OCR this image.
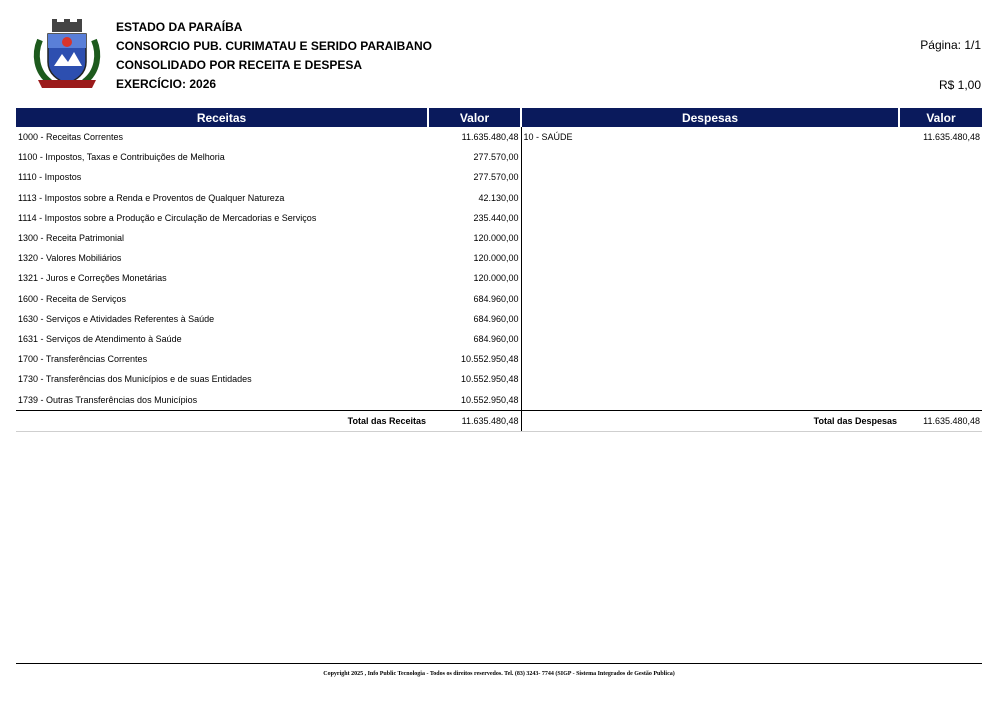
ESTADO DA PARAÍBA
CONSORCIO PUB. CURIMATAU E SERIDO PARAIBANO
CONSOLIDADO POR RECEITA E DESPESA
EXERCÍCIO: 2026
Página: 1/1
R$ 1,00
Receitas	Valor	Despesas	Valor
1000 - Receitas Correntes	11.635.480,48	10 - SAÚDE	11.635.480,48
1100 - Impostos, Taxas e Contribuições de Melhoria	277.570,00		
1110 - Impostos	277.570,00		
1113 - Impostos sobre a Renda e Proventos de Qualquer Natureza	42.130,00		
1114 - Impostos sobre a Produção e Circulação de Mercadorias e Serviços	235.440,00		
1300 - Receita Patrimonial	120.000,00		
1320 - Valores Mobiliários	120.000,00		
1321 - Juros e Correções Monetárias	120.000,00		
1600 - Receita de Serviços	684.960,00		
1630 - Serviços e Atividades Referentes à Saúde	684.960,00		
1631 - Serviços de Atendimento à Saúde	684.960,00		
1700 - Transferências Correntes	10.552.950,48		
1730 - Transferências dos Municípios e de suas Entidades	10.552.950,48		
1739 - Outras Transferências dos Municípios	10.552.950,48		
Total das Receitas	11.635.480,48	Total das Despesas	11.635.480,48
Copyright 2025 , Info Public Tecnologia - Todos os direitos reservedos. Tel. (83) 3243- 7744 (SIGP - Sistema Integrados de Gestão Publica)
